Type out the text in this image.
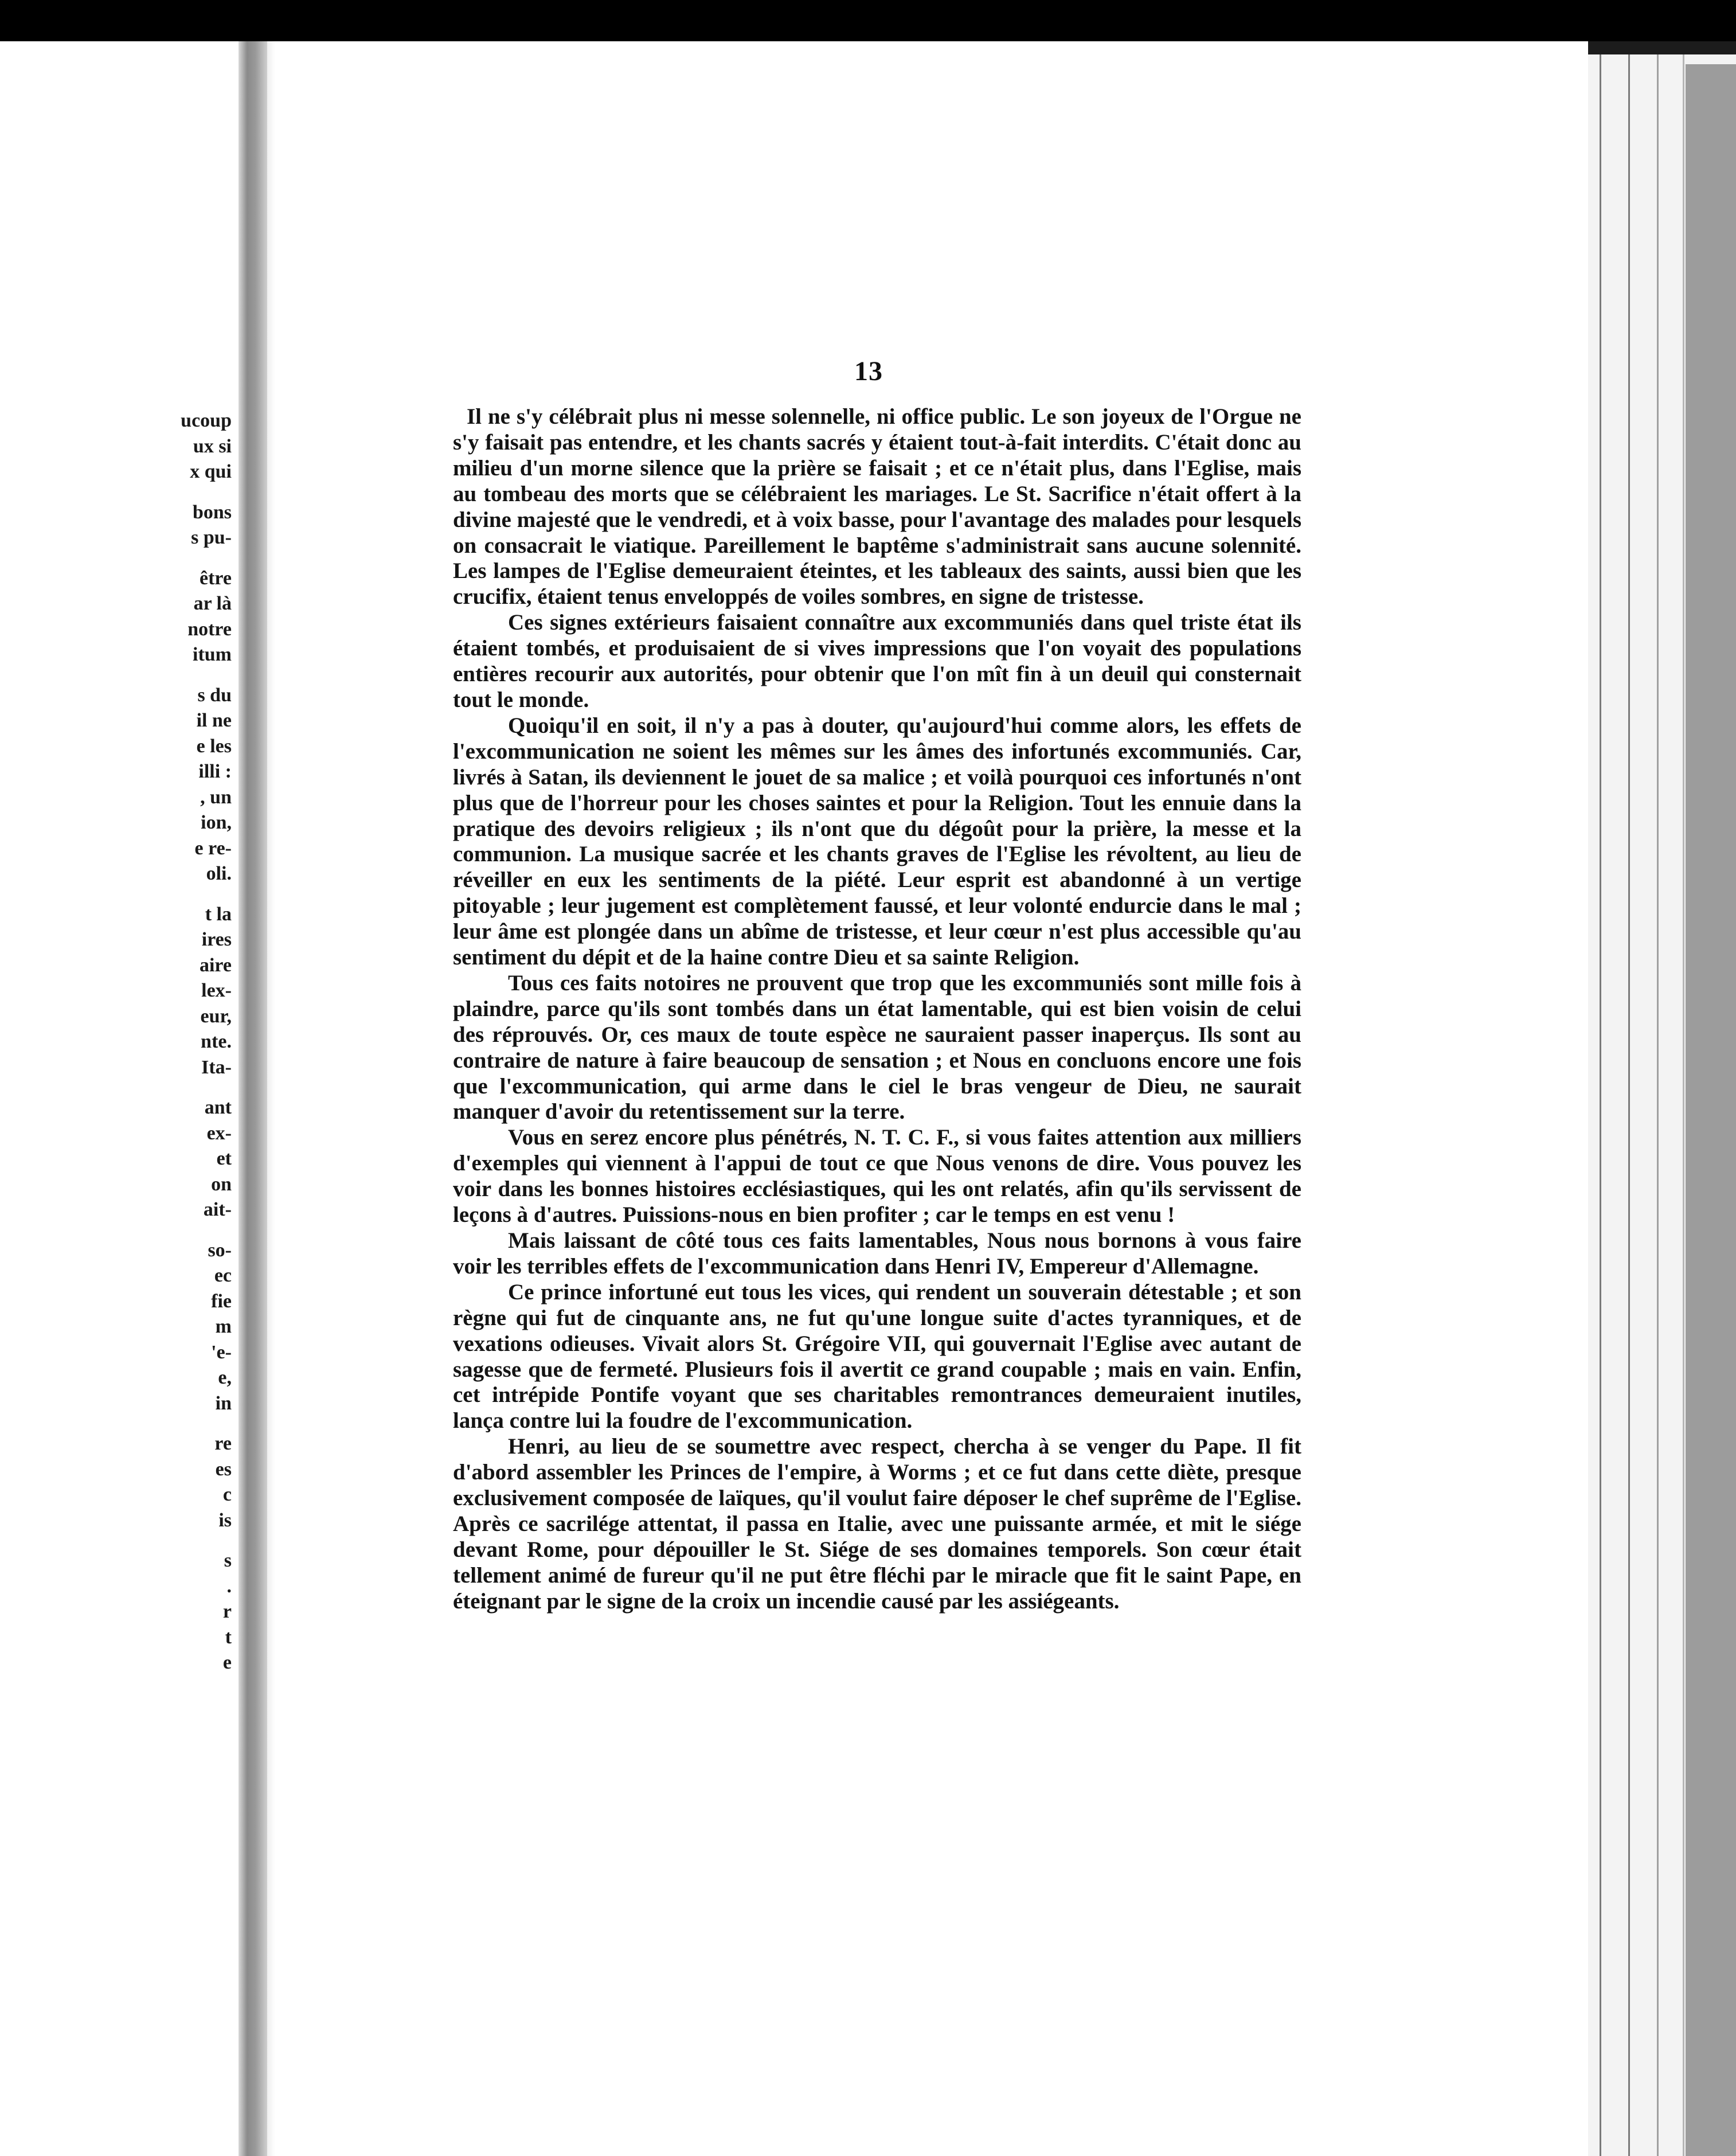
ucoup
ux si
x qui
bons
s pu-
être
ar là
notre
itum
s du
il ne
e les
illi :
, un
ion,
e re-
oli.
t la
ires
aire
lex-
eur,
nte.
Ita-
ant
ex-
et
on
ait-
so-
ec
fie
m
'e-
e,
in
re
es
c
is
s
.
r
t
e
13

Il ne s'y célébrait plus ni messe solennelle, ni office public. Le son joyeux de l'Orgue ne s'y faisait pas entendre, et les chants sacrés y étaient tout-à-fait interdits. C'était donc au milieu d'un morne silence que la prière se faisait ; et ce n'était plus, dans l'Eglise, mais au tombeau des morts que se célébraient les mariages. Le St. Sacrifice n'était offert à la divine majesté que le vendredi, et à voix basse, pour l'avantage des malades pour lesquels on consacrait le viatique. Pareillement le baptême s'administrait sans aucune solennité. Les lampes de l'Eglise demeuraient éteintes, et les tableaux des saints, aussi bien que les crucifix, étaient tenus enveloppés de voiles sombres, en signe de tristesse.

Ces signes extérieurs faisaient connaître aux excommuniés dans quel triste état ils étaient tombés, et produisaient de si vives impressions que l'on voyait des populations entières recourir aux autorités, pour obtenir que l'on mît fin à un deuil qui consternait tout le monde.

Quoiqu'il en soit, il n'y a pas à douter, qu'aujourd'hui comme alors, les effets de l'excommunication ne soient les mêmes sur les âmes des infortunés excommuniés. Car, livrés à Satan, ils deviennent le jouet de sa malice ; et voilà pourquoi ces infortunés n'ont plus que de l'horreur pour les choses saintes et pour la Religion. Tout les ennuie dans la pratique des devoirs religieux ; ils n'ont que du dégoût pour la prière, la messe et la communion. La musique sacrée et les chants graves de l'Eglise les révoltent, au lieu de réveiller en eux les sentiments de la piété. Leur esprit est abandonné à un vertige pitoyable ; leur jugement est complètement faussé, et leur volonté endurcie dans le mal ; leur âme est plongée dans un abîme de tristesse, et leur cœur n'est plus accessible qu'au sentiment du dépit et de la haine contre Dieu et sa sainte Religion.

Tous ces faits notoires ne prouvent que trop que les excommuniés sont mille fois à plaindre, parce qu'ils sont tombés dans un état lamentable, qui est bien voisin de celui des réprouvés. Or, ces maux de toute espèce ne sauraient passer inaperçus. Ils sont au contraire de nature à faire beaucoup de sensation ; et Nous en concluons encore une fois que l'excommunication, qui arme dans le ciel le bras vengeur de Dieu, ne saurait manquer d'avoir du retentissement sur la terre.

Vous en serez encore plus pénétrés, N. T. C. F., si vous faites attention aux milliers d'exemples qui viennent à l'appui de tout ce que Nous venons de dire. Vous pouvez les voir dans les bonnes histoires ecclésiastiques, qui les ont relatés, afin qu'ils servissent de leçons à d'autres. Puissions-nous en bien profiter ; car le temps en est venu !

Mais laissant de côté tous ces faits lamentables, Nous nous bornons à vous faire voir les terribles effets de l'excommunication dans Henri IV, Empereur d'Allemagne.

Ce prince infortuné eut tous les vices, qui rendent un souverain détestable ; et son règne qui fut de cinquante ans, ne fut qu'une longue suite d'actes tyranniques, et de vexations odieuses. Vivait alors St. Grégoire VII, qui gouvernait l'Eglise avec autant de sagesse que de fermeté. Plusieurs fois il avertit ce grand coupable ; mais en vain. Enfin, cet intrépide Pontife voyant que ses charitables remontrances demeuraient inutiles, lança contre lui la foudre de l'excommunication.

Henri, au lieu de se soumettre avec respect, chercha à se venger du Pape. Il fit d'abord assembler les Princes de l'empire, à Worms ; et ce fut dans cette diète, presque exclusivement composée de laïques, qu'il voulut faire déposer le chef suprême de l'Eglise. Après ce sacrilége attentat, il passa en Italie, avec une puissante armée, et mit le siége devant Rome, pour dépouiller le St. Siége de ses domaines temporels. Son cœur était tellement animé de fureur qu'il ne put être fléchi par le miracle que fit le saint Pape, en éteignant par le signe de la croix un incendie causé par les assiégeants.
